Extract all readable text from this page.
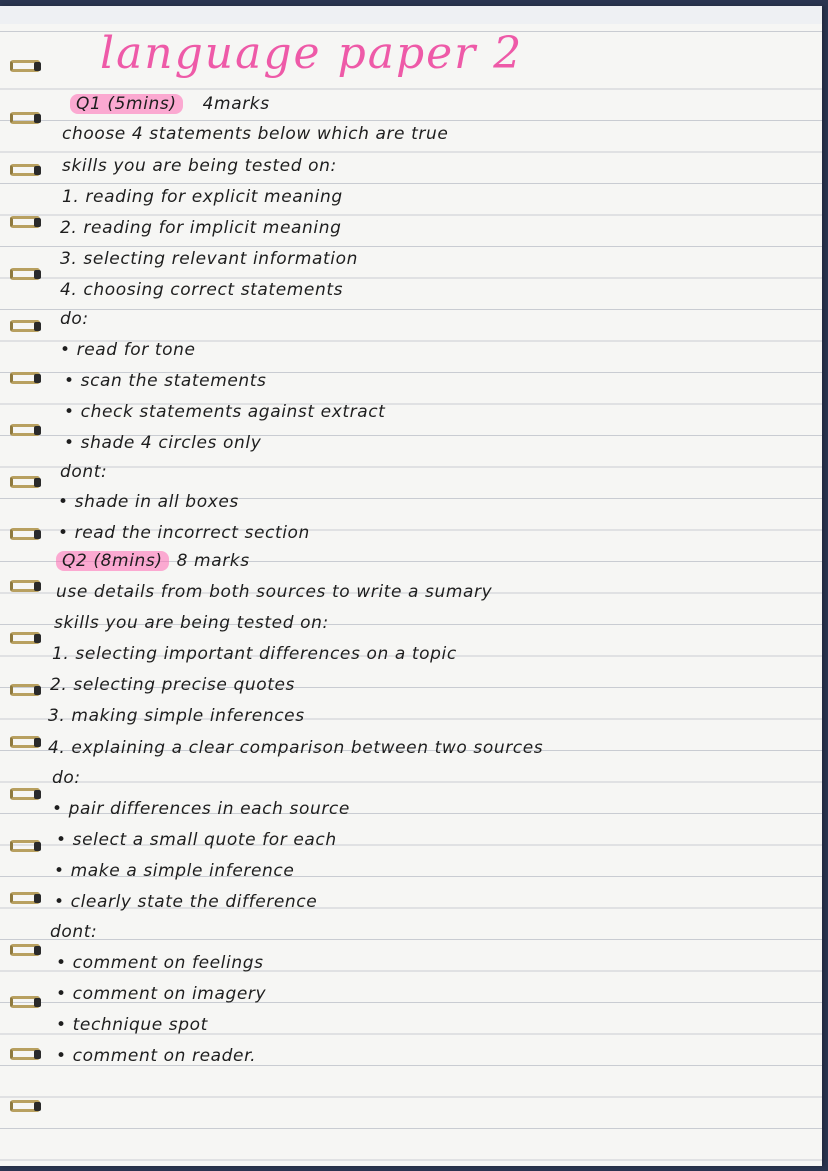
language paper 2
Q1 (5mins) 4marks
choose 4 statements below which are true
skills you are being tested on:
1. reading for explicit meaning
2. reading for implicit meaning
3. selecting relevant information
4. choosing correct statements
do:
• read for tone
• scan the statements
• check statements against extract
• shade 4 circles only
dont:
• shade in all boxes
• read the incorrect section
Q2 (8mins) 8 marks
use details from both sources to write a sumary
skills you are being tested on:
1. selecting important differences on a topic
2. selecting precise quotes
3. making simple inferences
4. explaining a clear comparison between two sources
do:
• pair differences in each source
• select a small quote for each
• make a simple inference
• clearly state the difference
dont:
• comment on feelings
• comment on imagery
• technique spot
• comment on reader.
